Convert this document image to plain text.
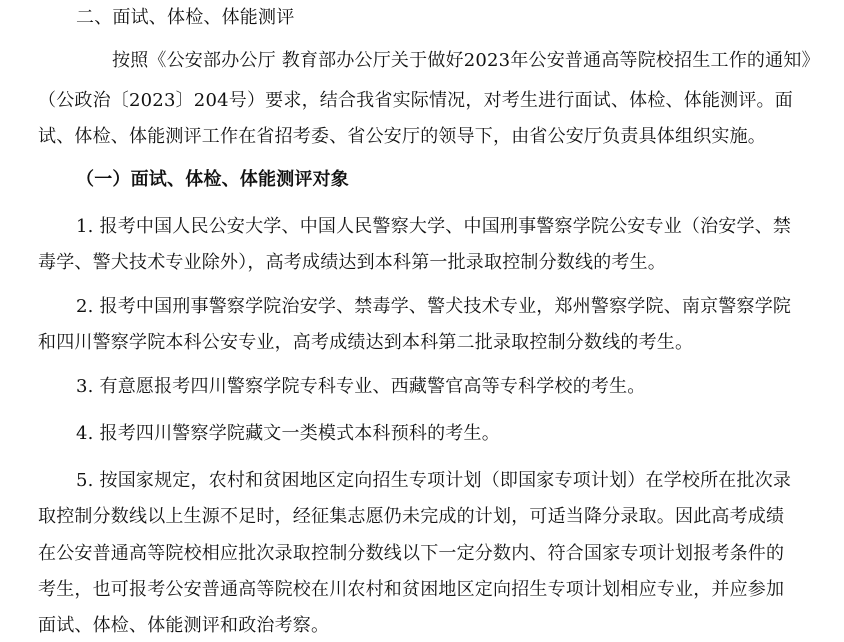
二、面试、体检、体能测评
按照《公安部办公厅 教育部办公厅关于做好2023年公安普通高等院校招生工作的通知》
（公政治〔2023〕204号）要求，结合我省实际情况，对考生进行面试、体检、体能测评。面
试、体检、体能测评工作在省招考委、省公安厅的领导下，由省公安厅负责具体组织实施。
（一）面试、体检、体能测评对象
1. 报考中国人民公安大学、中国人民警察大学、中国刑事警察学院公安专业（治安学、禁
毒学、警犬技术专业除外），高考成绩达到本科第一批录取控制分数线的考生。
2. 报考中国刑事警察学院治安学、禁毒学、警犬技术专业，郑州警察学院、南京警察学院
和四川警察学院本科公安专业，高考成绩达到本科第二批录取控制分数线的考生。
3. 有意愿报考四川警察学院专科专业、西藏警官高等专科学校的考生。
4. 报考四川警察学院藏文一类模式本科预科的考生。
5. 按国家规定，农村和贫困地区定向招生专项计划（即国家专项计划）在学校所在批次录
取控制分数线以上生源不足时，经征集志愿仍未完成的计划，可适当降分录取。因此高考成绩
在公安普通高等院校相应批次录取控制分数线以下一定分数内、符合国家专项计划报考条件的
考生，也可报考公安普通高等院校在川农村和贫困地区定向招生专项计划相应专业，并应参加
面试、体检、体能测评和政治考察。
